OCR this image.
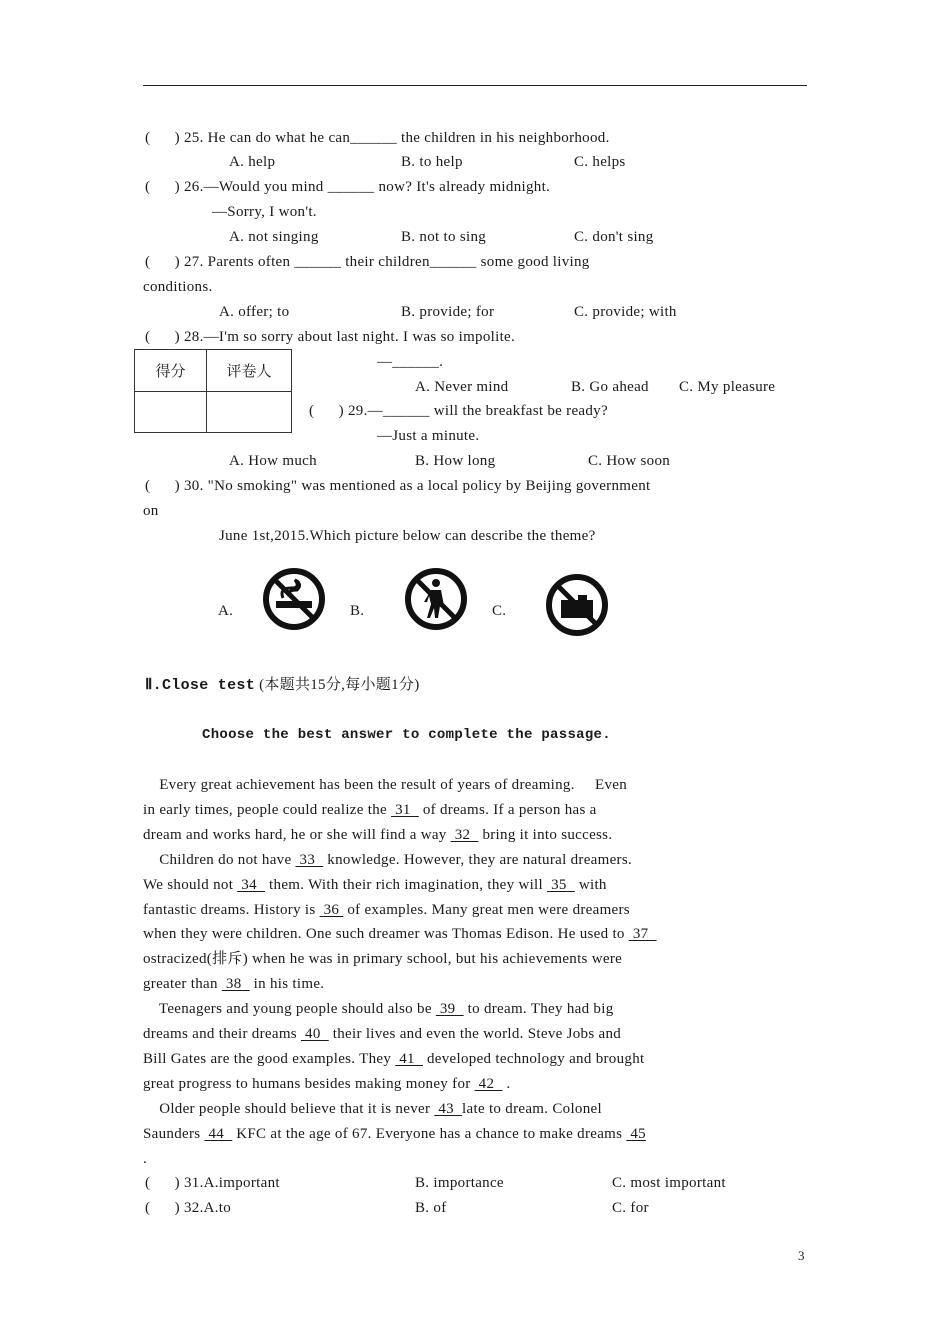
(      ) 25. He can do what he can______ the children in his neighborhood.
A. help	B. to help	C. helps
(      ) 26.—Would you mind ______ now? It's already midnight.
—Sorry, I won't.
A. not singing	B. not to sing	C. don't sing
(      ) 27. Parents often ______ their children______ some good living
conditions.
A. offer; to	B. provide; for	C. provide; with
(      ) 28.—I'm so sorry about last night. I was so impolite.
得分	评卷人	—______.
A. Never mind	B. Go ahead C. My pleasure
(      ) 29.—______ will the breakfast be ready?
—Just a minute.
A. How much	B. How long	C. How soon
(      ) 30. "No smoking" was mentioned as a local policy by Beijing government
on
June 1st,2015.Which picture below can describe the theme?
A.	B.	C.
Ⅱ.Close test (本题共15分,每小题1分)
Choose the best answer to complete the passage.
Every great achievement has been the result of years of dreaming.     Even
in early times, people could realize the  31   of dreams. If a person has a
dream and works hard, he or she will find a way  32   bring it into success.
Children do not have  33   knowledge. However, they are natural dreamers.
We should not  34   them. With their rich imagination, they will  35   with
fantastic dreams. History is  36  of examples. Many great men were dreamers
when they were children. One such dreamer was Thomas Edison. He used to  37
ostracized(排斥) when he was in primary school, but his achievements were
greater than  38   in his time.
Teenagers and young people should also be  39   to dream. They had big
dreams and their dreams  40   their lives and even the world. Steve Jobs and
Bill Gates are the good examples. They  41   developed technology and brought
great progress to humans besides making money for  42   .
Older people should believe that it is never  43  late to dream. Colonel
Saunders  44   KFC at the age of 67. Everyone has a chance to make dreams  45
.
(      ) 31.A.important	B. importance	C. most important
(      ) 32.A.to	B. of	C. for
3
